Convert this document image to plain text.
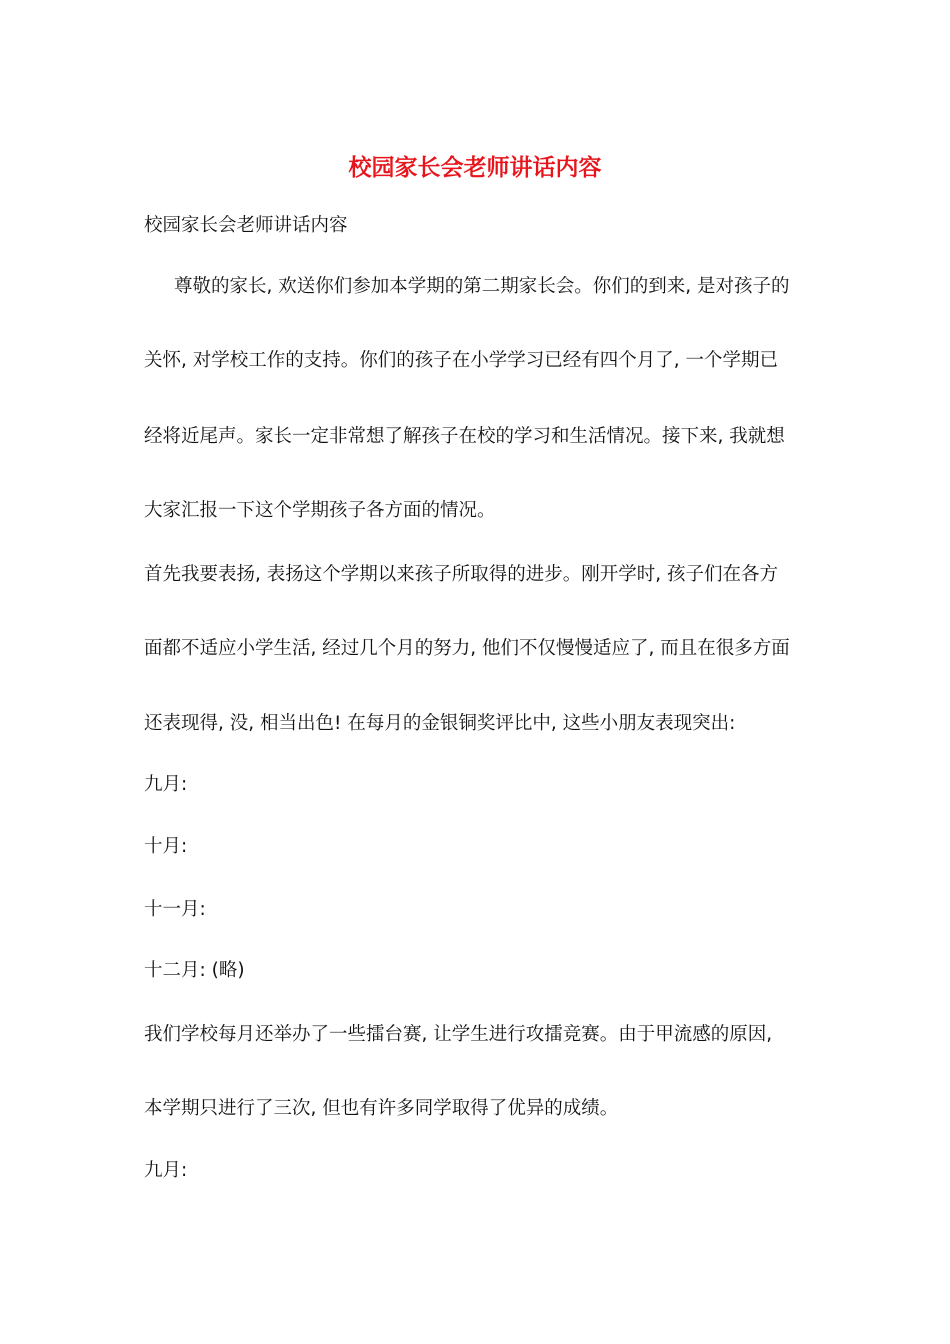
校园家长会老师讲话内容
校园家长会老师讲话内容
尊敬的家长, 欢送你们参加本学期的第二期家长会。你们的到来, 是对孩子的
关怀, 对学校工作的支持。你们的孩子在小学学习已经有四个月了, 一个学期已
经将近尾声。家长一定非常想了解孩子在校的学习和生活情况。接下来, 我就想
大家汇报一下这个学期孩子各方面的情况。
首先我要表扬, 表扬这个学期以来孩子所取得的进步。刚开学时, 孩子们在各方
面都不适应小学生活, 经过几个月的努力, 他们不仅慢慢适应了, 而且在很多方面
还表现得, 没, 相当出色! 在每月的金银铜奖评比中, 这些小朋友表现突出:
九月:
十月:
十一月:
十二月: (略)
我们学校每月还举办了一些擂台赛, 让学生进行攻擂竞赛。由于甲流感的原因,
本学期只进行了三次, 但也有许多同学取得了优异的成绩。
九月:
